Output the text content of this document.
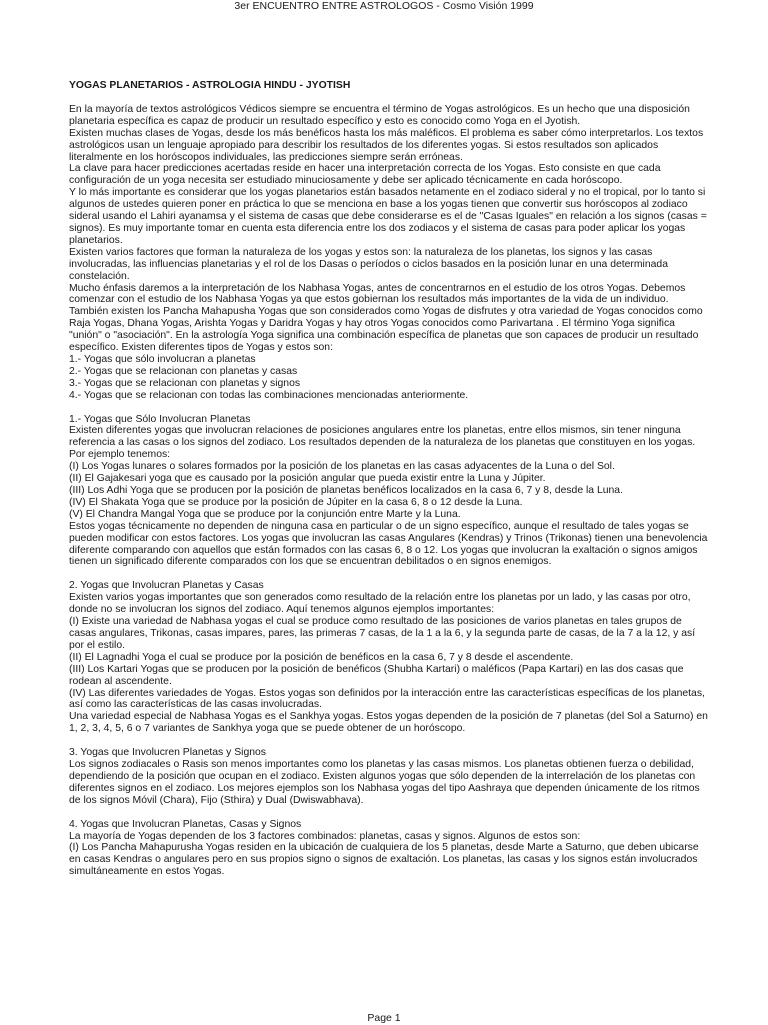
3er ENCUENTRO ENTRE ASTROLOGOS - Cosmo Visión 1999

YOGAS PLANETARIOS - ASTROLOGIA HINDU - JYOTISH

En la mayoría de textos astrológicos Védicos siempre se encuentra el término de Yogas astrológicos. Es un hecho que una disposición planetaria específica es capaz de producir un resultado específico y esto es conocido como Yoga en el Jyotish.

Existen muchas clases de Yogas, desde los más benéficos hasta los más maléficos. El problema es saber cómo interpretarlos. Los textos astrológicos usan un lenguaje apropiado para describir los resultados de los diferentes yogas. Si estos resultados son aplicados literalmente en los horóscopos individuales, las predicciones siempre serán erróneas.

La clave para hacer predicciones acertadas reside en hacer una interpretación correcta de los Yogas. Esto consiste en que cada configuración de un yoga necesita ser estudiado minuciosamente y debe ser aplicado técnicamente en cada horóscopo.

Y lo más importante es considerar que los yogas planetarios están basados netamente en el zodiaco sideral y no el tropical, por lo tanto si algunos de ustedes quieren poner en práctica lo que se menciona en base a los yogas tienen que convertir sus horóscopos al zodiaco sideral usando el Lahiri ayanamsa y el sistema de casas que debe considerarse es el de "Casas Iguales" en relación a los signos (casas = signos). Es muy importante tomar en cuenta esta diferencia entre los dos zodiacos y el sistema de casas para poder aplicar los yogas planetarios.

Existen varios factores que forman la naturaleza de los yogas y estos son: la naturaleza de los planetas, los signos y las casas involucradas, las influencias planetarias y el rol de los Dasas o períodos o ciclos basados en la posición lunar en una determinada constelación.

Mucho énfasis daremos a la interpretación de los Nabhasa Yogas, antes de concentrarnos en el estudio de los otros Yogas. Debemos comenzar con el estudio de los Nabhasa Yogas ya que estos gobiernan los resultados más importantes de la vida de un individuo. También existen los Pancha Mahapusha Yogas que son considerados como Yogas de disfrutes y otra variedad de Yogas conocidos como Raja Yogas, Dhana Yogas, Arishta Yogas y Daridra Yogas y hay otros Yogas conocidos como Parivartana . El término Yoga significa "unión" o "asociación". En la astrología Yoga significa una combinación específica de planetas que son capaces de producir un resultado específico. Existen diferentes tipos de Yogas y estos son:

1.- Yogas que sólo involucran a planetas

2.- Yogas que se relacionan con planetas y casas

3.- Yogas que se relacionan con planetas y signos

4.- Yogas que se relacionan con todas las combinaciones mencionadas anteriormente.

1.- Yogas que Sólo Involucran Planetas

Existen diferentes yogas que involucran relaciones de posiciones angulares entre los planetas, entre ellos mismos, sin tener ninguna referencia a las casas o los signos del zodiaco. Los resultados dependen de la naturaleza de los planetas que constituyen en los yogas. Por ejemplo tenemos:

(I) Los Yogas lunares o solares formados por la posición de los planetas en las casas adyacentes de la Luna o del Sol.

(II) El Gajakesari yoga que es causado por la posición angular que pueda existir entre la Luna y Júpiter.

(III) Los Adhi Yoga que se producen por la posición de planetas benéficos localizados en la casa 6, 7 y 8, desde la Luna.

(IV) El Shakata Yoga que se produce por la posición de Júpiter en la casa 6, 8 o 12 desde la Luna.

(V) El Chandra Mangal Yoga que se produce por la conjunción entre Marte y la Luna.

Estos yogas técnicamente no dependen de ninguna casa en particular o de un signo específico, aunque el resultado de tales yogas se pueden modificar con estos factores. Los yogas que involucran las casas Angulares (Kendras) y Trinos (Trikonas) tienen una benevolencia diferente comparando con aquellos que están formados con las casas 6, 8 o 12. Los yogas que involucran la exaltación o signos amigos tienen un significado diferente comparados con los que se encuentran debilitados o en signos enemigos.

2. Yogas que Involucran Planetas y Casas

Existen varios yogas importantes que son generados como resultado de la relación entre los planetas por un lado, y las casas por otro, donde no se involucran los signos del zodiaco. Aquí tenemos algunos ejemplos importantes:

(I) Existe una variedad de Nabhasa yogas el cual se produce como resultado de las posiciones de varios planetas en tales grupos de casas angulares, Trikonas, casas impares, pares, las primeras 7 casas, de la 1 a la 6, y la segunda parte de casas, de la 7 a la 12, y así por el estilo.

(II) El Lagnadhi Yoga el cual se produce por la posición de benéficos en la casa 6, 7 y 8 desde el ascendente.

(III) Los Kartari Yogas que se producen por la posición de benéficos (Shubha Kartari) o maléficos (Papa Kartari) en las dos casas que rodean al ascendente.

(IV) Las diferentes variedades de Yogas. Estos yogas son definidos por la interacción entre las características específicas de los planetas, así como las características de las casas involucradas.

Una variedad especial de Nabhasa Yogas es el Sankhya yogas. Estos yogas dependen de la posición de 7 planetas (del Sol a Saturno) en 1, 2, 3, 4, 5, 6 o 7 variantes de Sankhya yoga que se puede obtener de un horóscopo.

3. Yogas que Involucren Planetas y Signos

Los signos zodiacales o Rasis son menos importantes como los planetas y las casas mismos. Los planetas obtienen fuerza o debilidad, dependiendo de la posición que ocupan en el zodiaco. Existen algunos yogas que sólo dependen de la interrelación de los planetas con diferentes signos en el zodiaco. Los mejores ejemplos son los Nabhasa yogas del tipo Aashraya que dependen únicamente de los ritmos de los signos Móvil (Chara), Fijo (Sthira) y Dual (Dwiswabhava).

4. Yogas que Involucran Planetas, Casas y Signos

La mayoría de Yogas dependen de los 3 factores combinados: planetas, casas y signos. Algunos de estos son:

(I) Los Pancha Mahapurusha Yogas residen en la ubicación de cualquiera de los 5 planetas, desde Marte a Saturno, que deben ubicarse en casas Kendras o angulares pero en sus propios signo o signos de exaltación. Los planetas, las casas y los signos están involucrados simultáneamente en estos Yogas.

Page 1
